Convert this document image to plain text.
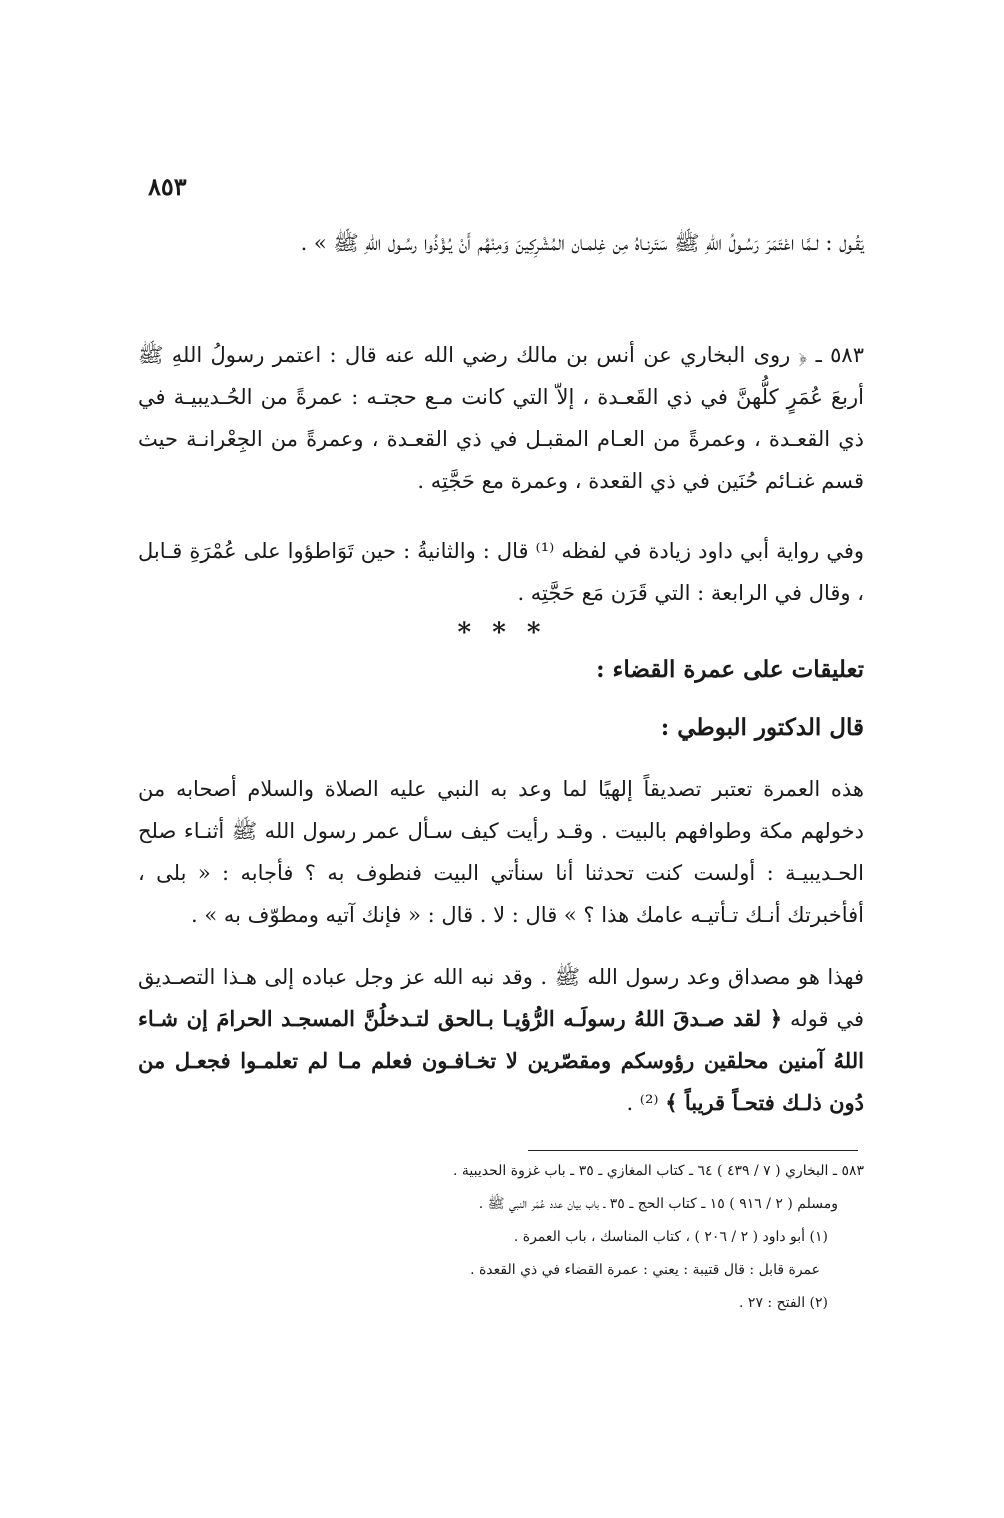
٨٥٣

يَقُـول : لـمَّا اعْتَمَرَ رَسُـولُ اللهِ ﷺ سَتَرنـاهُ مِن غِلمـان المُشْرِكِينَ وَمِنْهُم أَنْ يُـؤْذُوا رسُـول اللهِ ﷺ » .

٥٨٣ ـ ﴿ روى البخاري عن أنس بن مالك رضي الله عنه قال : اعتمر رسولُ اللهِ ﷺ أربعَ عُمَرٍ كلُّهنَّ في ذي القَعـدة ، إلاّ التي كانت مـع حجتـه : عمرةً من الحُـديبيـة في ذي القعـدة ، وعمرةً من العـام المقبـل في ذي القعـدة ، وعمرةً من الجِعْرانـة حيث قسم غنـائم حُنَين في ذي القعدة ، وعمرة مع حَجَّتِه .

وفي رواية أبي داود زيادة في لفظه ⁽¹⁾ قال : والثانيةُ : حين تَوَاطؤوا على عُمْرَةِ قـابل ، وقال في الرابعة : التي قَرَن مَع حَجَّتِه .

* * *
تعليقات على عمرة القضاء :
قال الدكتور البوطي :

هذه العمرة تعتبر تصديقاً إلهيًا لما وعد به النبي عليه الصلاة والسلام أصحابه من دخولهم مكة وطوافهم بالبيت . وقـد رأيت كيف سـأل عمر رسول الله ﷺ أثنـاء صلح الحـديبيـة : أولست كنت تحدثنا أنا سنأتي البيت فنطوف به ؟ فأجابه : « بلى ، أفأخبرتك أنـك تـأتيـه عامك هذا ؟ » قال : لا . قال : « فإنك آتيه ومطوّف به » .

فهذا هو مصداق وعد رسول الله ﷺ . وقد نبه الله عز وجل عباده إلى هـذا التصـديق في قوله ﴿ لقد صـدقَ اللهُ رسولَـه الرُّؤيـا بـالحق لتـدخلُنَّ المسجـد الحرامَ إن شـاء اللهُ آمنين محلقين رؤوسكم ومقصّرين لا تخـافـون فعلم مـا لم تعلمـوا فجعـل من دُون ذلـك فتحـاً قريباً ﴾ ⁽²⁾ .

٥٨٣ ـ البخاري ( ٧ / ٤٣٩ ) ٦٤ ـ كتاب المغازي ـ ٣٥ ـ باب غزوة الحديبية .
ومسلم ( ٢ / ٩١٦ ) ١٥ ـ كتاب الحج ـ ٣٥ ـ باب بيان عدد عُمَر النبي ﷺ .
(١) أبو داود ( ٢ / ٢٠٦ ) ، كتاب المناسك ، باب العمرة .
عمرة قابل : قال قتيبة : يعني : عمرة القضاء في ذي القعدة .
(٢) الفتح : ٢٧ .
